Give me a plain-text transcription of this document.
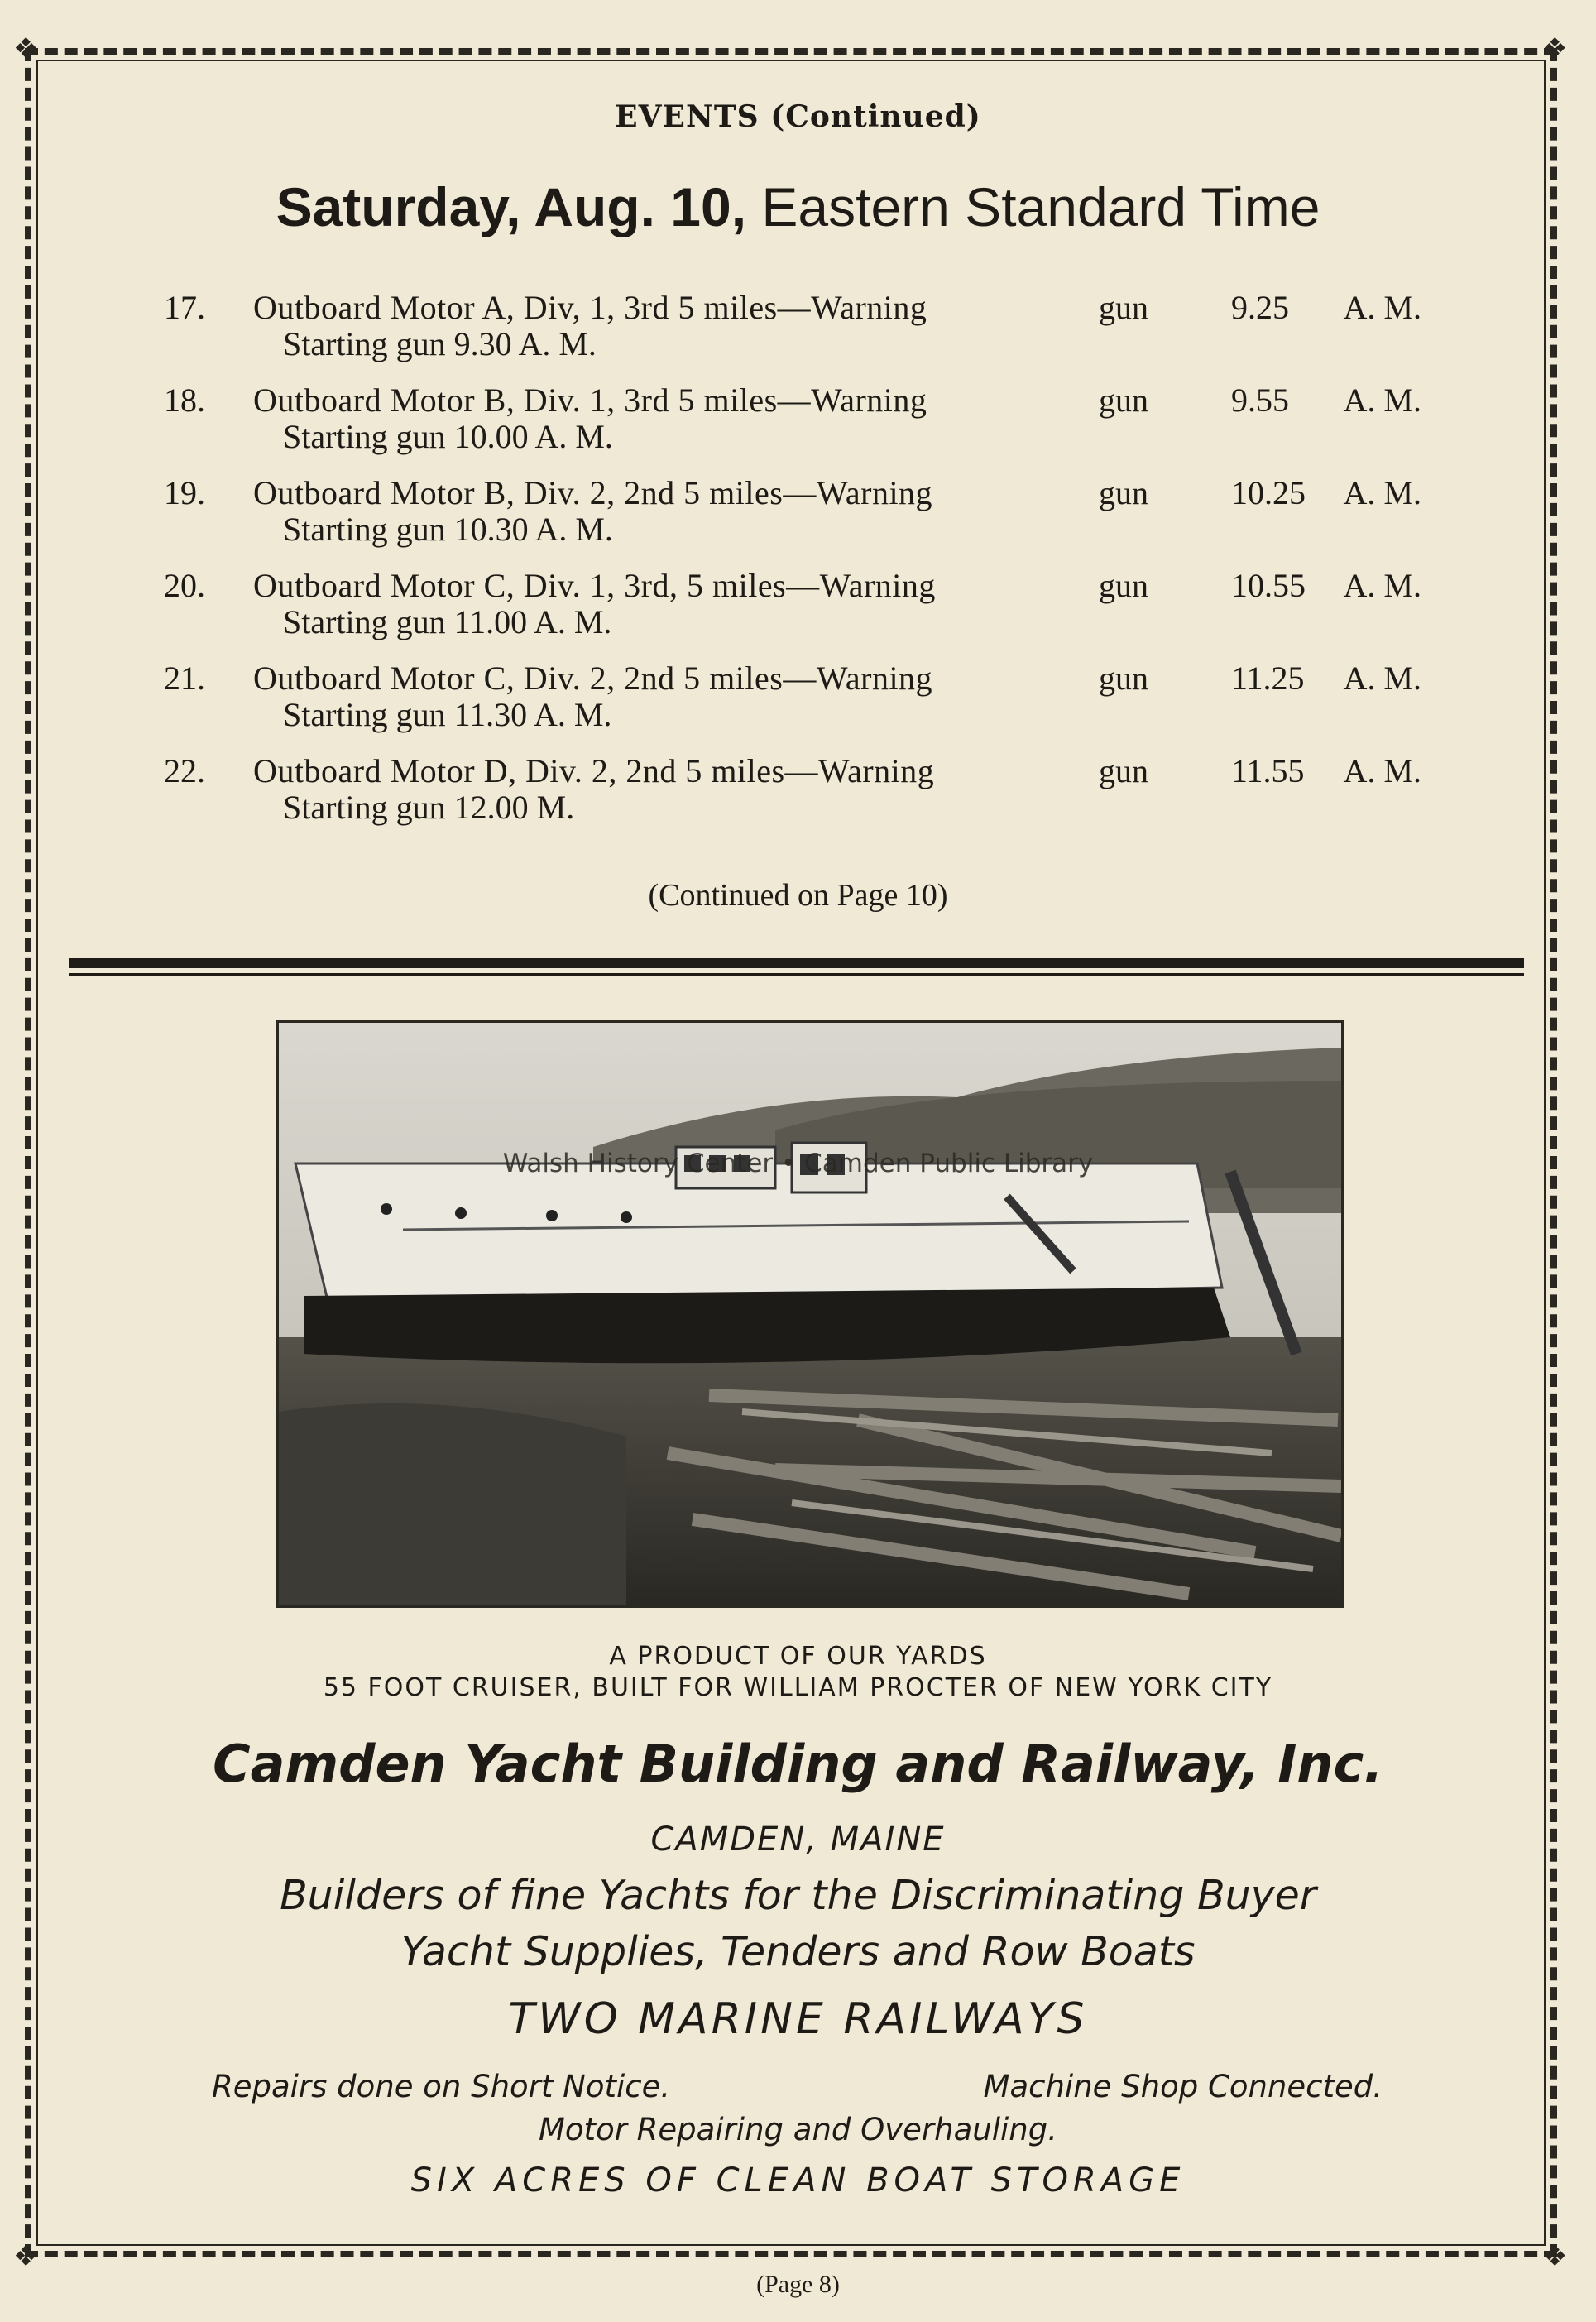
❖	❖
❖	❖
EVENTS (Continued)
Saturday, Aug. 10, Eastern Standard Time
17.	Outboard Motor A, Div, 1, 3rd 5 miles—Warning	gun	9.25	A. M.
Starting gun 9.30 A. M.
18.	Outboard Motor B, Div. 1, 3rd 5 miles—Warning	gun	9.55	A. M.
Starting gun 10.00 A. M.
19.	Outboard Motor B, Div. 2, 2nd 5 miles—Warning	gun	10.25	A. M.
Starting gun 10.30 A. M.
20.	Outboard Motor C, Div. 1, 3rd, 5 miles—Warning	gun	10.55	A. M.
Starting gun 11.00 A. M.
21.	Outboard Motor C, Div. 2, 2nd 5 miles—Warning	gun	11.25	A. M.
Starting gun 11.30 A. M.
22.	Outboard Motor D, Div. 2, 2nd 5 miles—Warning	gun	11.55	A. M.
Starting gun 12.00 M.
(Continued on Page 10)
Walsh History Center • Camden Public Library
A PRODUCT OF OUR YARDS
55 FOOT CRUISER, BUILT FOR WILLIAM PROCTER OF NEW YORK CITY
Camden Yacht Building and Railway, Inc.
CAMDEN, MAINE
Builders of fine Yachts for the Discriminating Buyer
Yacht Supplies, Tenders and Row Boats
TWO MARINE RAILWAYS
Repairs done on Short Notice.	Machine Shop Connected.
Motor Repairing and Overhauling.
SIX ACRES OF CLEAN BOAT STORAGE
(Page 8)
